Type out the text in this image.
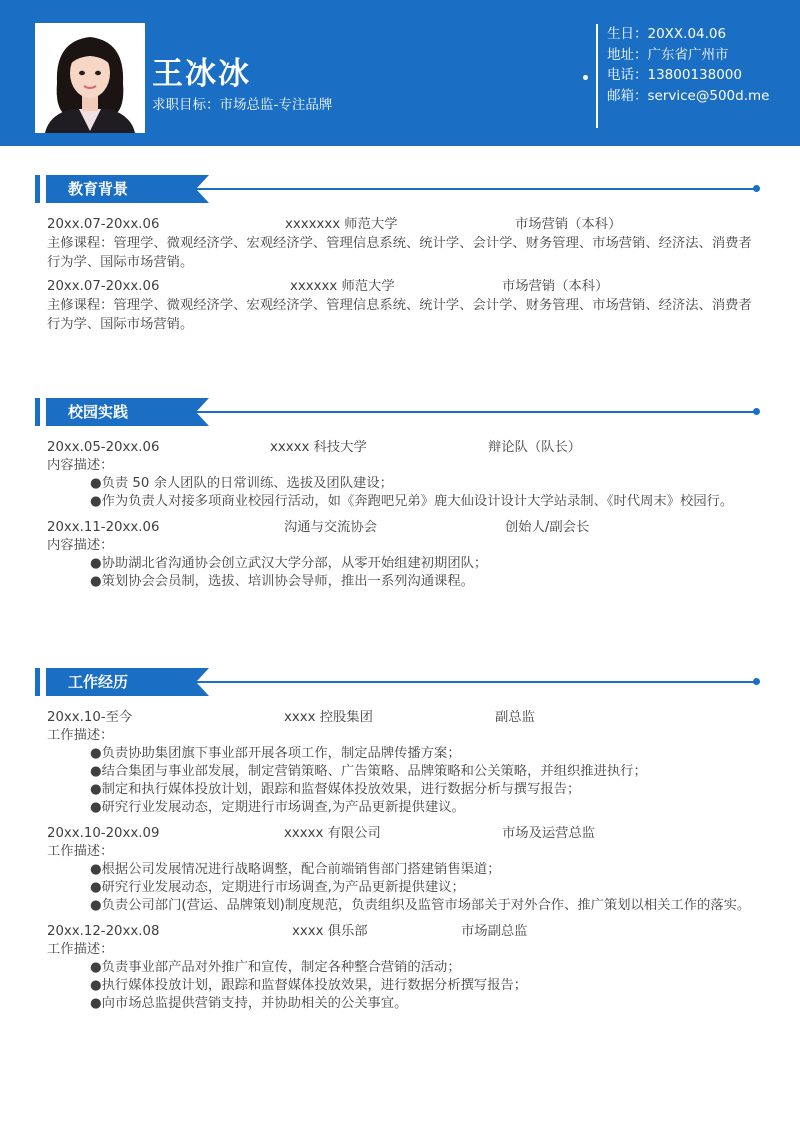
王冰冰
求职目标：市场总监-专注品牌
生日：20XX.04.06
地址：广东省广州市
电话：13800138000
邮箱：service@500d.me
教育背景
20xx.07-20xx.06	xxxxxxx 师范大学	市场营销（本科）
主修课程：管理学、微观经济学、宏观经济学、管理信息系统、统计学、会计学、财务管理、市场营销、经济法、消费者行为学、国际市场营销。
20xx.07-20xx.06	xxxxxx 师范大学	市场营销（本科）
主修课程：管理学、微观经济学、宏观经济学、管理信息系统、统计学、会计学、财务管理、市场营销、经济法、消费者行为学、国际市场营销。
校园实践
20xx.05-20xx.06	xxxxx 科技大学	辩论队（队长）
内容描述：
●负责 50 余人团队的日常训练、选拔及团队建设；
●作为负责人对接多项商业校园行活动，如《奔跑吧兄弟》鹿大仙设计设计大学站录制、《时代周末》校园行。
20xx.11-20xx.06	沟通与交流协会	创始人/副会长
内容描述：
●协助湖北省沟通协会创立武汉大学分部，从零开始组建初期团队；
●策划协会会员制，选拔、培训协会导师，推出一系列沟通课程。
工作经历
20xx.10-至今	xxxx 控股集团	副总监
工作描述：
●负责协助集团旗下事业部开展各项工作，制定品牌传播方案；
●结合集团与事业部发展，制定营销策略、广告策略、品牌策略和公关策略，并组织推进执行；
●制定和执行媒体投放计划，跟踪和监督媒体投放效果，进行数据分析与撰写报告；
●研究行业发展动态，定期进行市场调查,为产品更新提供建议。
20xx.10-20xx.09	xxxxx 有限公司	市场及运营总监
工作描述：
●根据公司发展情况进行战略调整，配合前端销售部门搭建销售渠道；
●研究行业发展动态，定期进行市场调查,为产品更新提供建议；
●负责公司部门(营运、品牌策划)制度规范，负责组织及监管市场部关于对外合作、推广策划以相关工作的落实。
20xx.12-20xx.08	xxxx 俱乐部	市场副总监
工作描述：
●负责事业部产品对外推广和宣传，制定各种整合营销的活动；
●执行媒体投放计划，跟踪和监督媒体投放效果，进行数据分析撰写报告；
●向市场总监提供营销支持，并协助相关的公关事宜。
